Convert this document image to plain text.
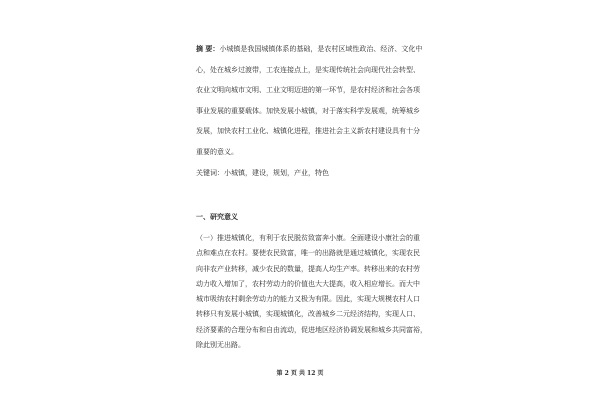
摘 要：小城镇是我国城镇体系的基础，是农村区域性政治、经济、文化中
心，处在城乡过渡带，工农连接点上，是实现传统社会向现代社会转型、
农业文明向城市文明、工业文明迈进的第一环节，是农村经济和社会各项
事业发展的重要载体。加快发展小城镇，对于落实科学发展观，统筹城乡
发展，加快农村工业化、城镇化进程，推进社会主义新农村建设具有十分
重要的意义。
关键词：小城镇，建设，规划，产业，特色
一、研究意义
（一）推进城镇化，有利于农民脱贫致富奔小康。全面建设小康社会的重
点和难点在农村。要使农民致富，唯一的出路就是通过城镇化，实现农民
向非农产业转移，减少农民的数量，提高人均生产率。转移出来的农村劳
动力收入增加了，农村劳动力的价值也大大提高，收入相应增长。而大中
城市吸纳农村剩余劳动力的能力又极为有限。因此，实现大规模农村人口
转移只有发展小城镇，实现城镇化，改善城乡二元经济结构，实现人口、
经济要素的合理分布和自由流动，促进地区经济协调发展和城乡共同富裕，
除此别无出路。
第 2 页 共 12 页
